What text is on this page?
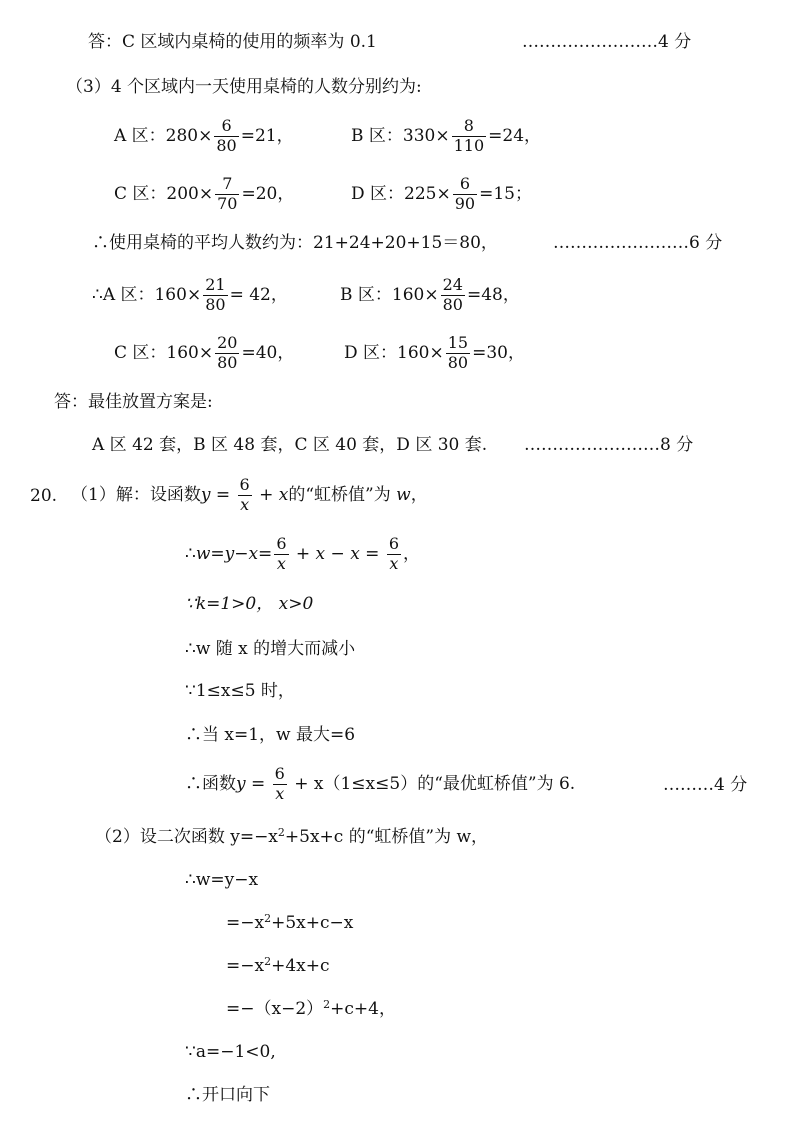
答：C 区域内桌椅的使用的频率为 0.1	……………………4 分
（3）4 个区域内一天使用桌椅的人数分别约为:
A 区：$280\times \frac{6}{80} =21$，	B 区：$330\times \frac{8}{110} =24$，
C 区：$200\times \frac{7}{70} =20$，	D 区：$225\times \frac{6}{90} =15$；
∴使用桌椅的平均人数约为：21+24+20+15＝80，	……………………6 分
∴A 区：$160\times \frac{21}{80} = 42$，	B 区：$160\times \frac{24}{80} =48$，
C 区：$160\times \frac{20}{80} =40$，	D 区：$160\times \frac{15}{80} =30$，
答：最佳放置方案是:
A 区 42 套，B 区 48 套，C 区 40 套，D 区 30 套. ……………………8 分
20. （1）解：设函数$y = \frac{6}{x} + x$的“虹桥值”为 w，
∴w=y−x= $\frac{6}{x} + x - x = \frac{6}{x}$ ，
∵k=1>0， x>0
∴w 随 x 的增大而减小
∵1≤x≤5 时，
∴当 x=1，w 最大=6
∴函数$y = \frac{6}{x} + x(1\le x\le 5)$的“最优虹桥值”为 6.	………4 分
（2）设二次函数 $y=-x^2+5x+c$ 的“虹桥值”为 w，
∴w=y−x
$=-x^2+5x+c-x$
$=-x^2+4x+c$
$=-(x-2)^2+c+4$，
∵a=−1<0,
∴开口向下
